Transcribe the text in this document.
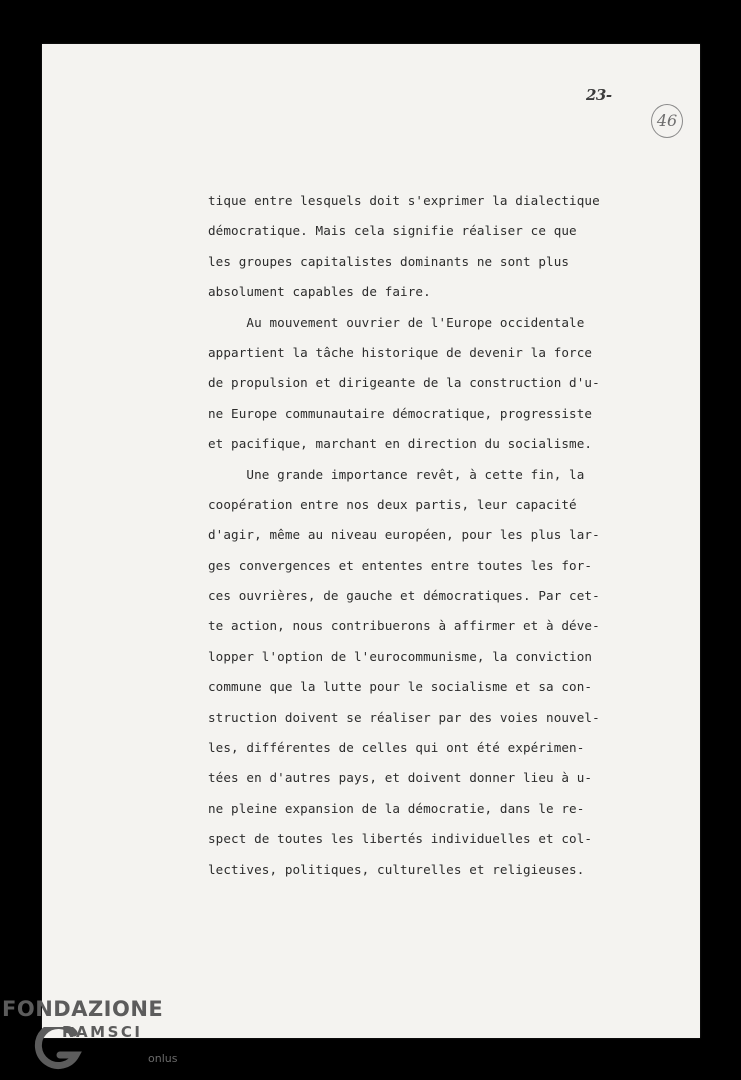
46
23-
tique entre lesquels doit s'exprimer la dialectique
démocratique. Mais cela signifie réaliser ce que
les groupes capitalistes dominants ne sont plus
absolument capables de faire.
Au mouvement ouvrier de l'Europe occidentale
appartient la tâche historique de devenir la force
de propulsion et dirigeante de la construction d'u-
ne Europe communautaire démocratique, progressiste
et pacifique, marchant en direction du socialisme.
Une grande importance revêt, à cette fin, la
coopération entre nos deux partis, leur capacité
d'agir, même au niveau européen, pour les plus lar-
ges convergences et ententes entre toutes les for-
ces ouvrières, de gauche et démocratiques. Par cet-
te action, nous contribuerons à affirmer et à déve-
lopper l'option de l'eurocommunisme, la conviction
commune que la lutte pour le socialisme et sa con-
struction doivent se réaliser par des voies nouvel-
les, différentes de celles qui ont été expérimen-
tées en d'autres pays, et doivent donner lieu à u-
ne pleine expansion de la démocratie, dans le re-
spect de toutes les libertés individuelles et col-
lectives, politiques, culturelles et religieuses.
FONDAZIONE
RAMSCI
onlus
